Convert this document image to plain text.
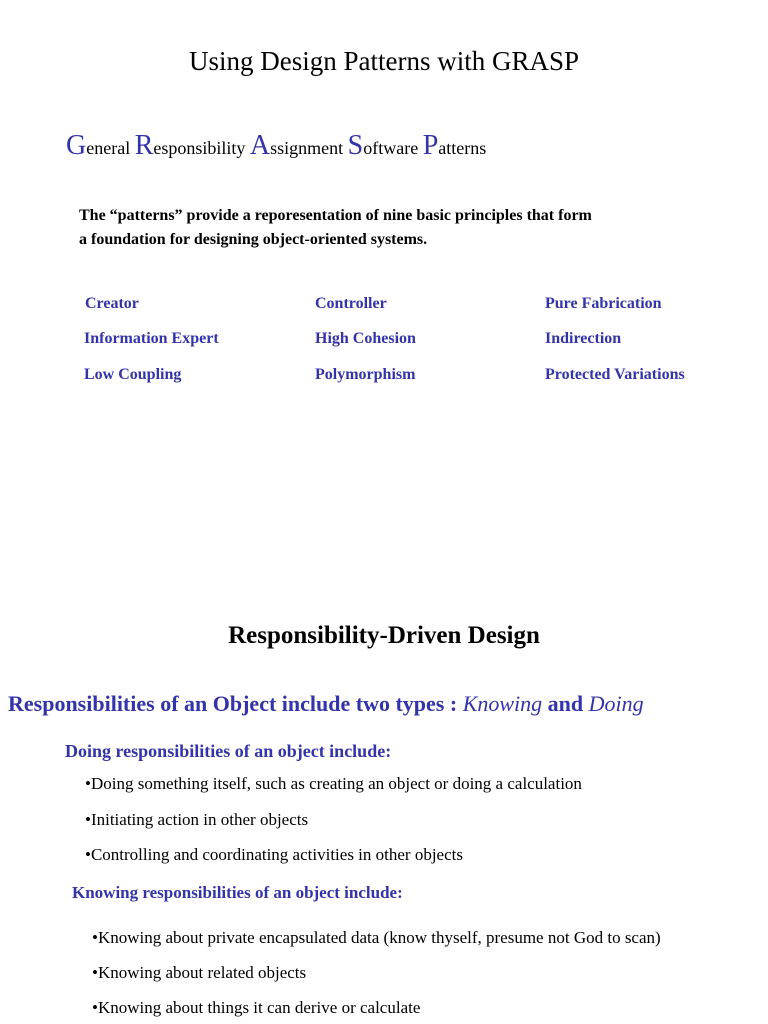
Using Design Patterns with GRASP
General Responsibility Assignment Software Patterns
The “patterns” provide a reporesentation of nine basic principles that form
a foundation for designing object-oriented systems.
Creator	Controller	Pure Fabrication
Information Expert	High Cohesion	Indirection
Low Coupling	Polymorphism	Protected Variations
Responsibility-Driven Design
Responsibilities of an Object include two types : Knowing and Doing
Doing responsibilities of an object include:
•Doing something itself, such as creating an object or doing a calculation
•Initiating action in other objects
•Controlling and coordinating activities in other objects
Knowing responsibilities of an object include:
•Knowing about private encapsulated data (know thyself, presume not God to scan)
•Knowing about related objects
•Knowing about things it can derive or calculate
